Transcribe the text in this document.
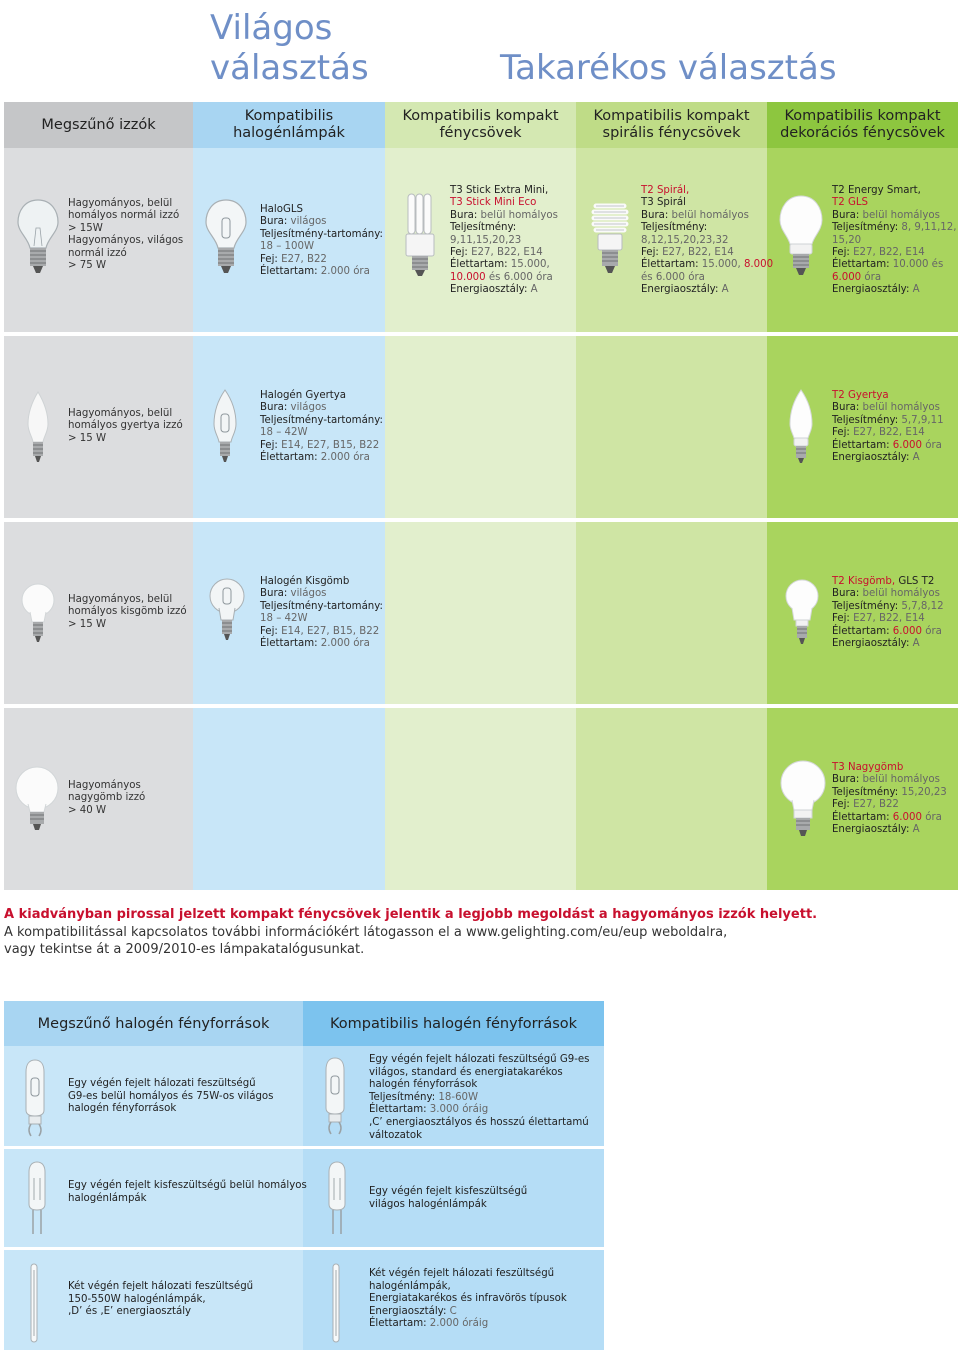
Világos
választás	Takarékos választás
Megszűnő izzók
Kompatibilis
halogénlámpák
Kompatibilis kompakt
fénycsövek
Kompatibilis kompakt
spirális fénycsövek
Kompatibilis kompakt
dekorációs fénycsövek
Hagyományos, belül
homályos normál izzó
> 15W
Hagyományos, világos
normál izzó
> 75 W
HaloGLS
Bura: világos
Teljesítmény-tartomány:
18 – 100W
Fej: E27, B22
Élettartam: 2.000 óra
T3 Stick Extra Mini,
T3 Stick Mini Eco
Bura: belül homályos
Teljesítmény:
9,11,15,20,23
Fej: E27, B22, E14
Élettartam: 15.000,
10.000 és 6.000 óra
Energiaosztály: A
T2 Spirál,
T3 Spirál
Bura: belül homályos
Teljesítmény:
8,12,15,20,23,32
Fej: E27, B22, E14
Élettartam: 15.000, 8.000
és 6.000 óra
Energiaosztály: A
T2 Energy Smart,
T2 GLS
Bura: belül homályos
Teljesítmény: 8, 9,11,12,
15,20
Fej: E27, B22, E14
Élettartam: 10.000 és
6.000 óra
Energiaosztály: A
Hagyományos, belül
homályos gyertya izzó
> 15 W
Halogén Gyertya
Bura: világos
Teljesítmény-tartomány:
18 – 42W
Fej: E14, E27, B15, B22
Élettartam: 2.000 óra
T2 Gyertya
Bura: belül homályos
Teljesítmény: 5,7,9,11
Fej: E27, B22, E14
Élettartam: 6.000 óra
Energiaosztály: A
Hagyományos, belül
homályos kisgömb izzó
> 15 W
Halogén Kisgömb
Bura: világos
Teljesítmény-tartomány:
18 – 42W
Fej: E14, E27, B15, B22
Élettartam: 2.000 óra
T2 Kisgömb, GLS T2
Bura: belül homályos
Teljesítmény: 5,7,8,12
Fej: E27, B22, E14
Élettartam: 6.000 óra
Energiaosztály: A
Hagyományos
nagygömb izzó
> 40 W
T3 Nagygömb
Bura: belül homályos
Teljesítmény: 15,20,23
Fej: E27, B22
Élettartam: 6.000 óra
Energiaosztály: A
A kiadványban pirossal jelzett kompakt fénycsövek jelentik a legjobb megoldást a hagyományos izzók helyett.
A kompatibilitással kapcsolatos további információkért látogasson el a www.gelighting.com/eu/eup weboldalra,
vagy tekintse át a 2009/2010-es lámpakatalógusunkat.
Megszűnő halogén fényforrások	Kompatibilis halogén fényforrások
Egy végén fejelt hálozati feszültségű
G9-es belül homályos és 75W-os világos
halogén fényforrások
Egy végén fejelt hálozati feszültségű G9-es
világos, standard és energiatakarékos
halogén fényforrások
Teljesítmény: 18-60W
Élettartam: 3.000 óráig
‚C’ energiaosztályos és hosszú élettartamú
változatok
Egy végén fejelt kisfeszültségű belül homályos
halogénlámpák
Egy végén fejelt kisfeszültségű
világos halogénlámpák
Két végén fejelt hálozati feszültségű
150-550W halogénlámpák,
‚D’ és ‚E’ energiaosztály
Két végén fejelt hálozati feszültségű
halogénlámpák,
Energiatakarékos és infravörös típusok
Energiaosztály: C
Élettartam: 2.000 óráig
